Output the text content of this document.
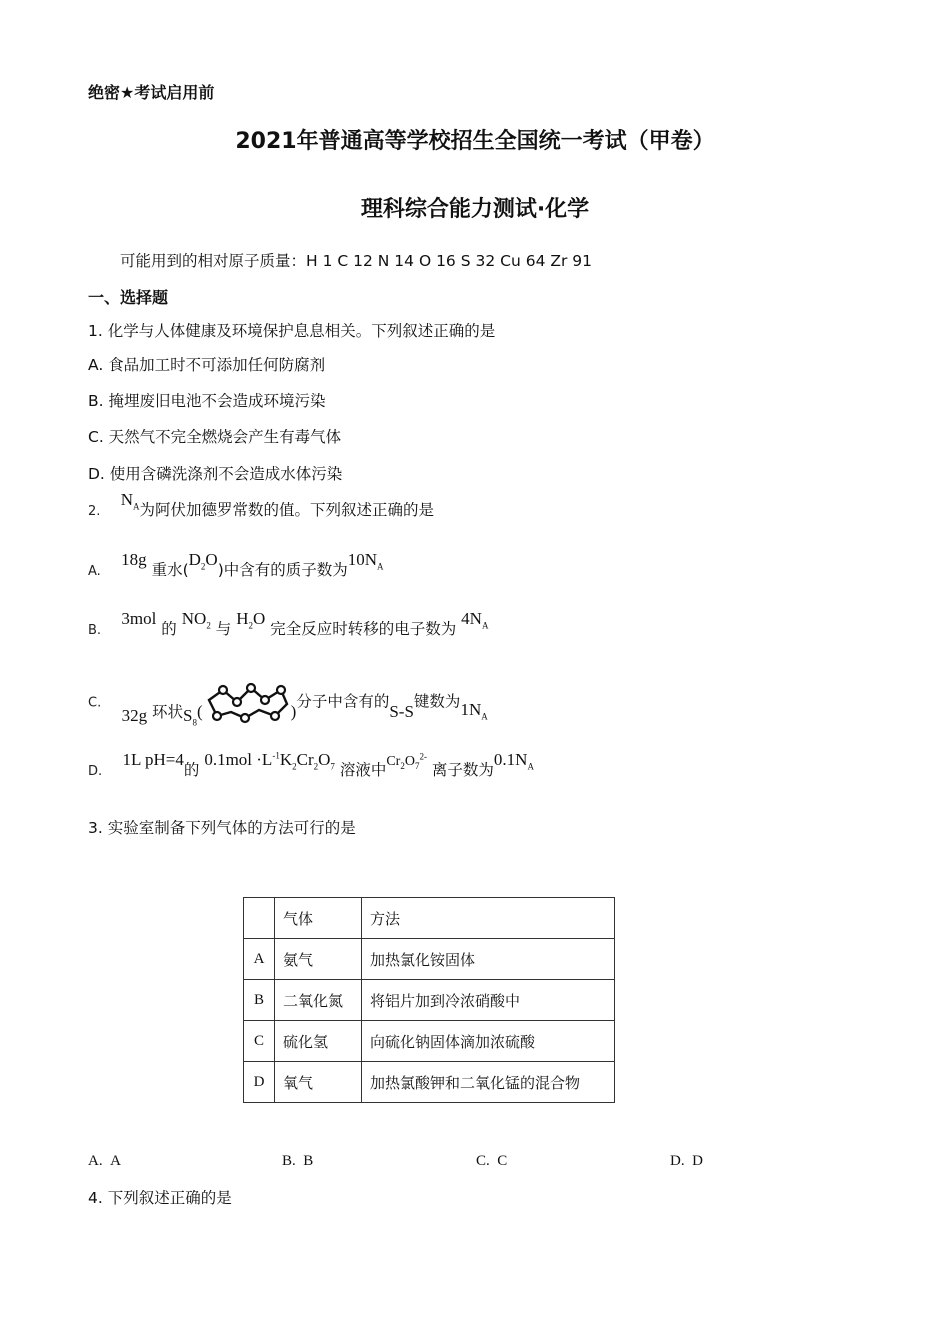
绝密★考试启用前
2021年普通高等学校招生全国统一考试（甲卷）
理科综合能力测试·化学
可能用到的相对原子质量：H 1 C 12 N 14 O 16 S 32 Cu 64 Zr 91
一、选择题
1. 化学与人体健康及环境保护息息相关。下列叙述正确的是
A. 食品加工时不可添加任何防腐剂
B. 掩埋废旧电池不会造成环境污染
C. 天然气不完全燃烧会产生有毒气体
D. 使用含磷洗涤剂不会造成水体污染
2.    $N_A$为阿伏加德罗常数的值。下列叙述正确的是
A.    18g 重水$(D_2O)$中含有的质子数为$10N_A$
B.    3mol 的 $NO_2$ 与 $H_2O$ 完全反应时转移的电子数为 $4N_A$
C.    32g 环状$S_8$(	)分子中含有的S-S键数为$1N_A$
D.    1L pH=4的 $0.1mol \cdot L^{-1}K_2Cr_2O_7$ 溶液中$Cr_2O_7^{2-}$ 离子数为$0.1N_A$
3. 实验室制备下列气体的方法可行的是
	气体	方法
A	氨气	加热氯化铵固体
B	二氧化氮	将铝片加到冷浓硝酸中
C	硫化氢	向硫化钠固体滴加浓硫酸
D	氧气	加热氯酸钾和二氧化锰的混合物
A. A	B. B	C. C	D. D
4. 下列叙述正确的是
